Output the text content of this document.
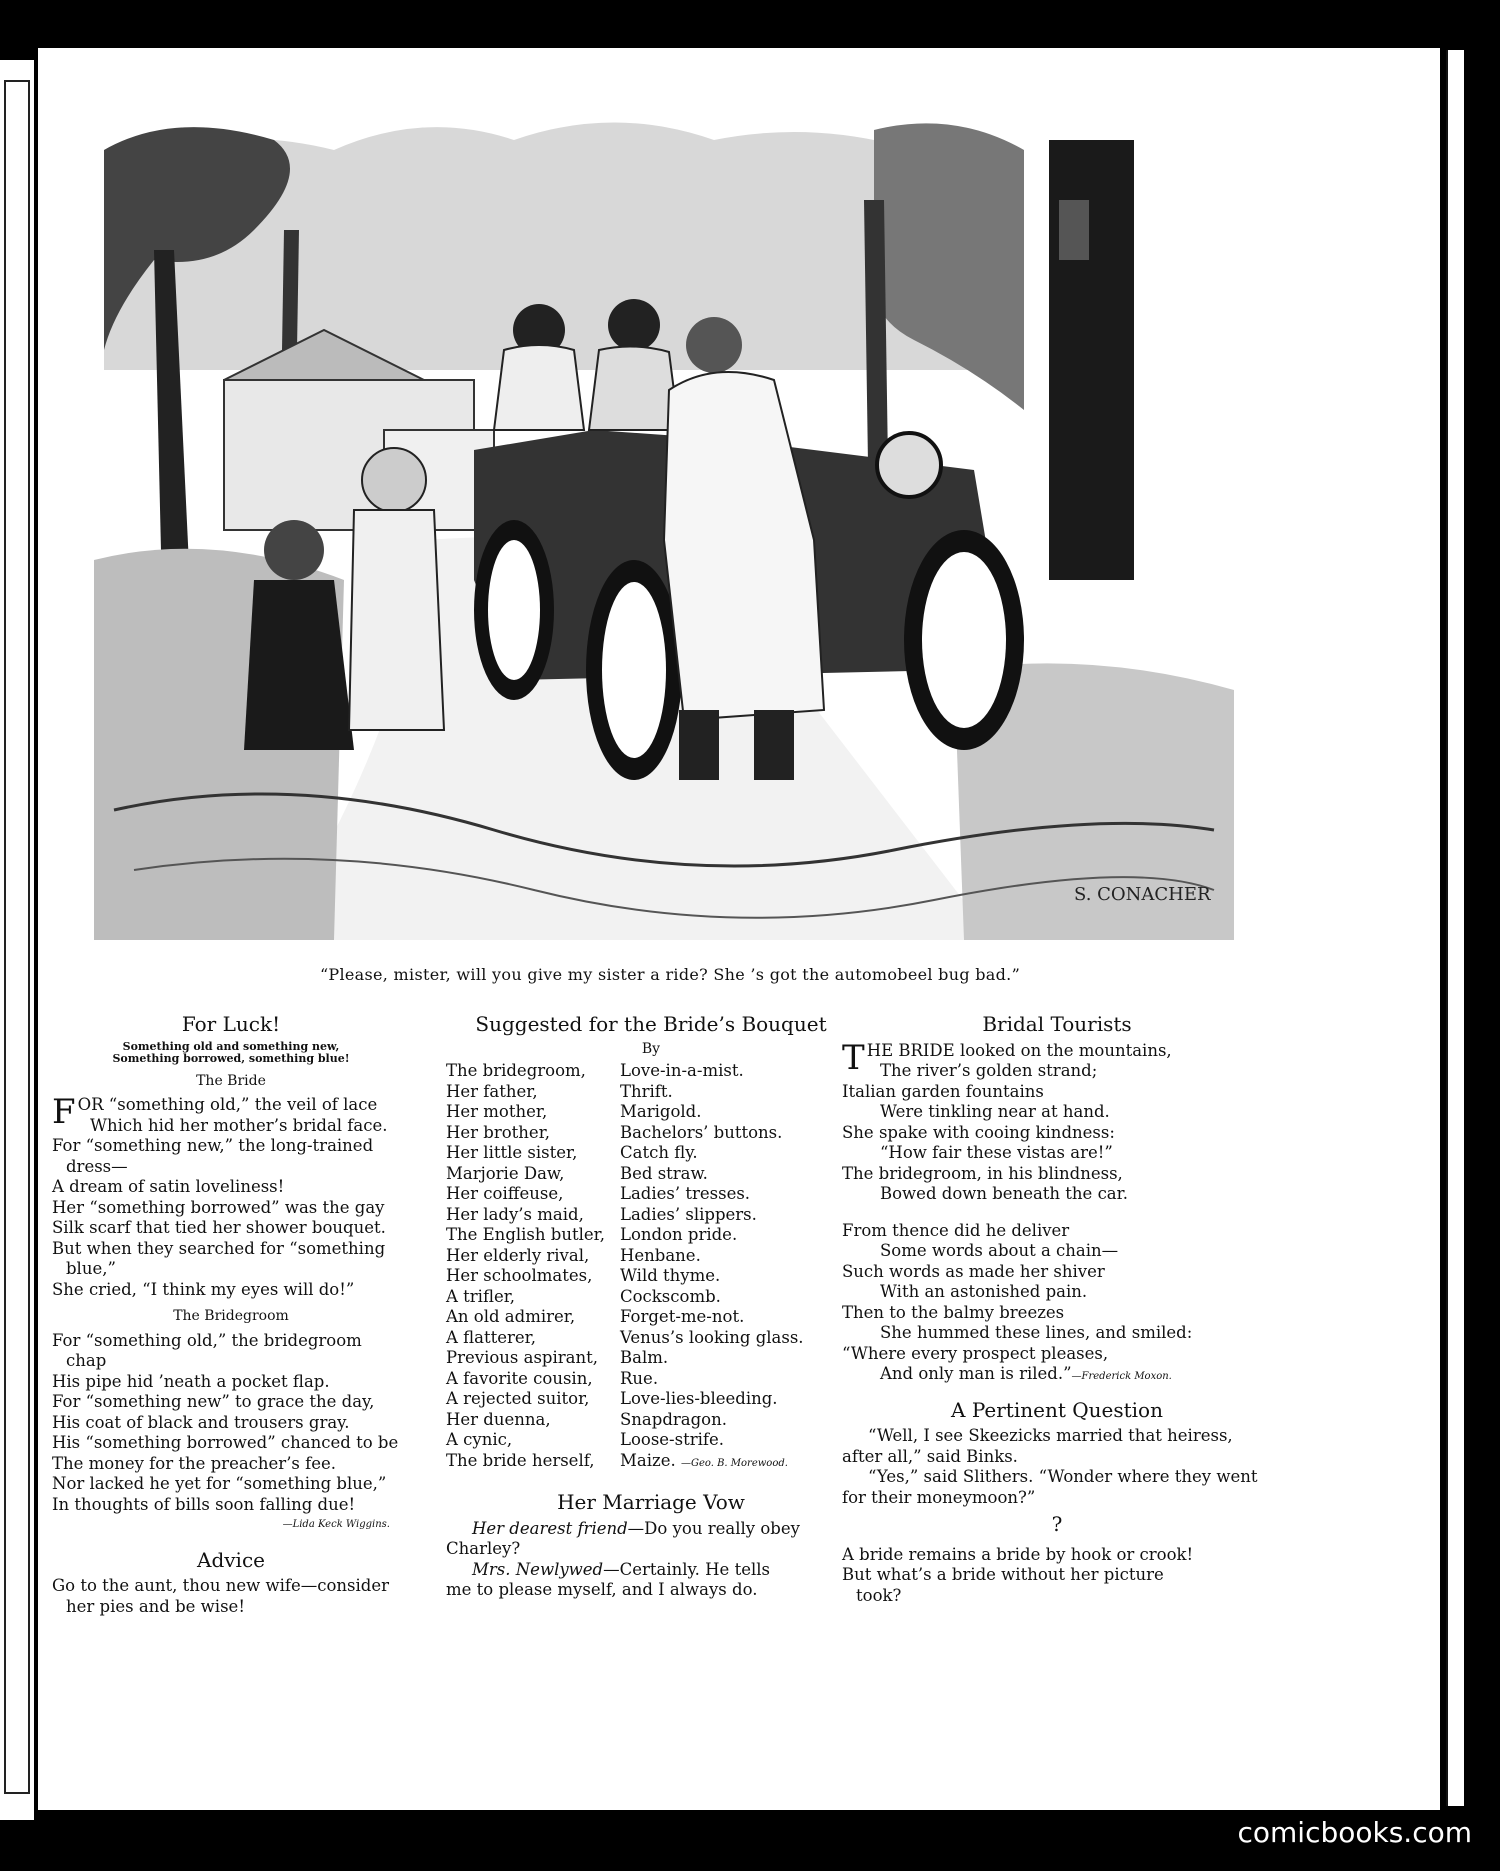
S. CONACHER
“Please, mister, will you give my sister a ride? She ’s got the automobeel bug bad.”
For Luck!
Something old and something new,
Something borrowed, something blue!
The Bride
F OR “something old,” the veil of lace
Which hid her mother’s bridal face.
For “something new,” the long-trained
dress—
A dream of satin loveliness!
Her “something borrowed” was the gay
Silk scarf that tied her shower bouquet.
But when they searched for “something
blue,”
She cried, “I think my eyes will do!”
The Bridegroom
For “something old,” the bridegroom
chap
His pipe hid ’neath a pocket flap.
For “something new” to grace the day,
His coat of black and trousers gray.
His “something borrowed” chanced to be
The money for the preacher’s fee.
Nor lacked he yet for “something blue,”
In thoughts of bills soon falling due!
—Lida Keck Wiggins.
Advice
Go to the aunt, thou new wife—consider
her pies and be wise!
Suggested for the Bride’s Bouquet
By
The bridegroom,	Love-in-a-mist.
Her father,	Thrift.
Her mother,	Marigold.
Her brother,	Bachelors’ buttons.
Her little sister,	Catch fly.
Marjorie Daw,	Bed straw.
Her coiffeuse,	Ladies’ tresses.
Her lady’s maid,	Ladies’ slippers.
The English butler, London pride.
Her elderly rival,	Henbane.
Her schoolmates,	Wild thyme.
A trifler,	Cockscomb.
An old admirer,	Forget-me-not.
A flatterer,	Venus’s looking glass.
Previous aspirant,	Balm.
A favorite cousin,	Rue.
A rejected suitor,	Love-lies-bleeding.
Her duenna,	Snapdragon.
A cynic,	Loose-strife.
The bride herself,	Maize. —Geo. B. Morewood.
Her Marriage Vow
Her dearest friend—Do you really obey
Charley?
Mrs. Newlywed—Certainly. He tells
me to please myself, and I always do.
Bridal Tourists
T HE BRIDE looked on the mountains,
The river’s golden strand;
Italian garden fountains
Were tinkling near at hand.
She spake with cooing kindness:
“How fair these vistas are!”
The bridegroom, in his blindness,
Bowed down beneath the car.
From thence did he deliver
Some words about a chain—
Such words as made her shiver
With an astonished pain.
Then to the balmy breezes
She hummed these lines, and smiled:
“Where every prospect pleases,
And only man is riled.”—Frederick Moxon.
A Pertinent Question
“Well, I see Skeezicks married that heiress, after all,” said Binks.
“Yes,” said Slithers. “Wonder where they went for their moneymoon?”
?
A bride remains a bride by hook or crook!
But what’s a bride without her picture
took?
comicbooks.com
